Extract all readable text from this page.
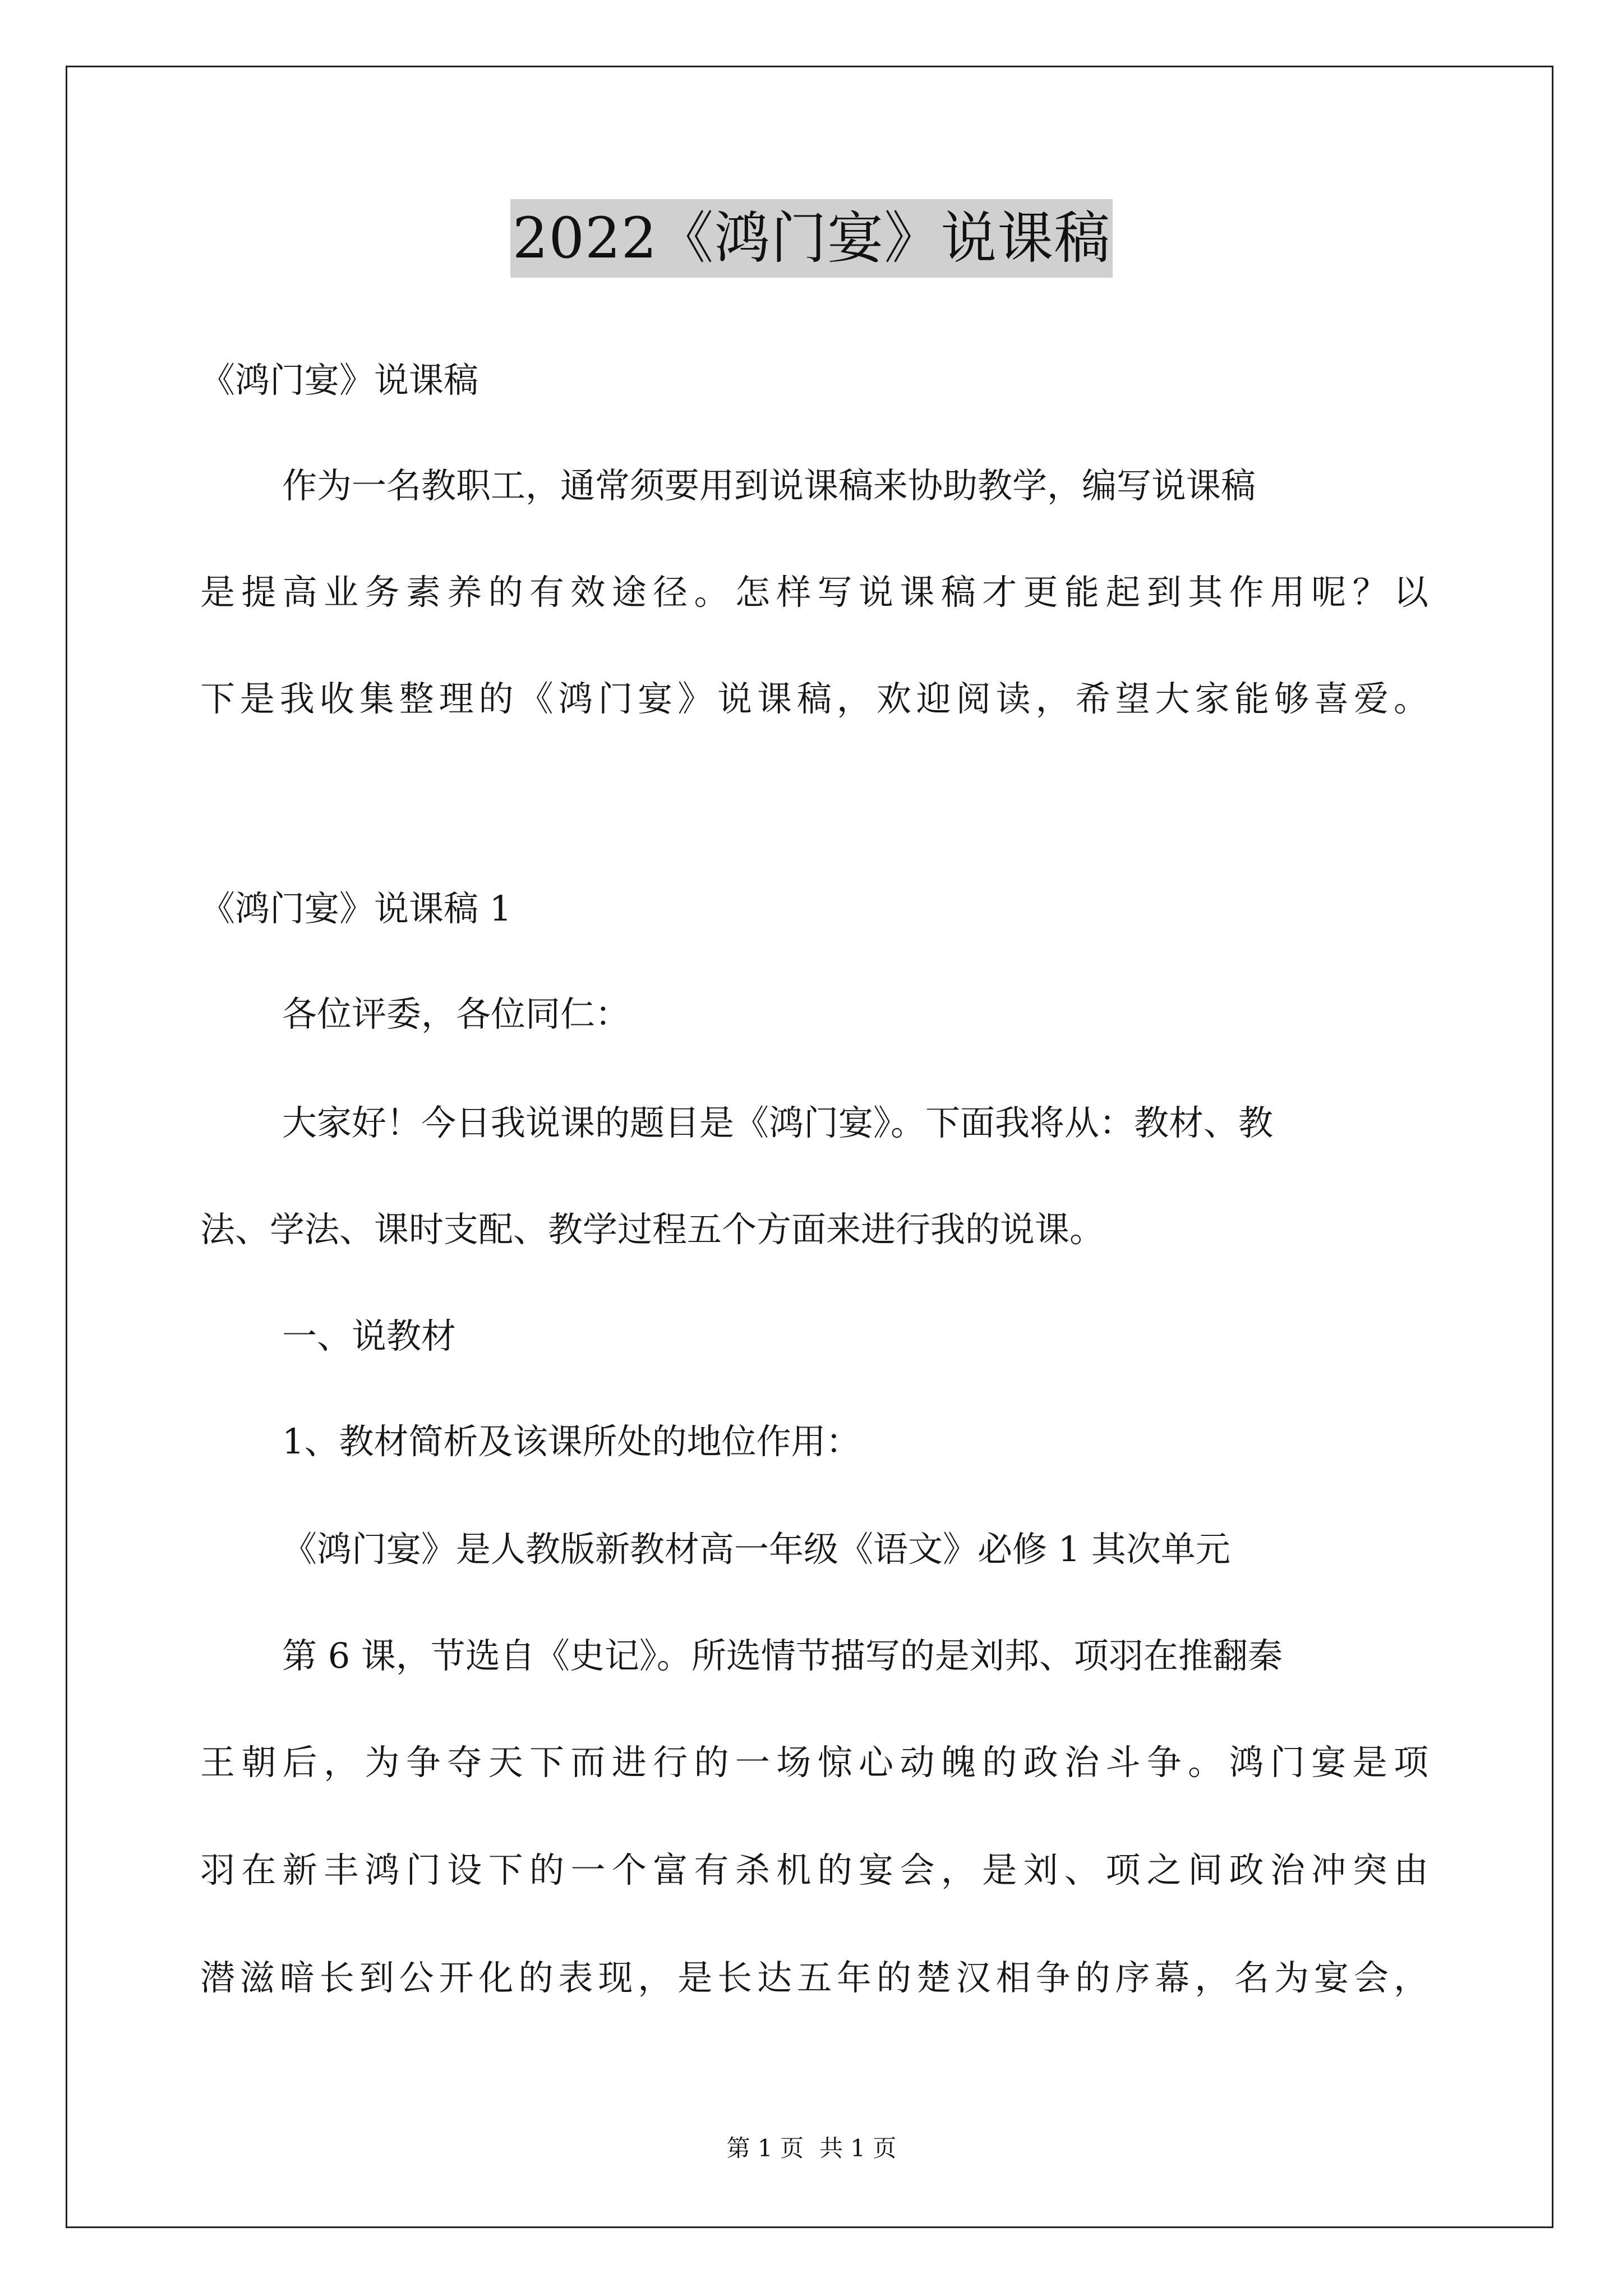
2022《鸿门宴》说课稿
《鸿门宴》说课稿
作为一名教职工，通常须要用到说课稿来协助教学，编写说课稿
是提高业务素养的有效途径。怎样写说课稿才更能起到其作用呢？以
下是我收集整理的《鸿门宴》说课稿，欢迎阅读，希望大家能够喜爱。
《鸿门宴》说课稿 1
各位评委，各位同仁：
大家好！今日我说课的题目是《鸿门宴》。下面我将从：教材、教
法、学法、课时支配、教学过程五个方面来进行我的说课。
一、说教材
1、教材简析及该课所处的地位作用：
《鸿门宴》是人教版新教材高一年级《语文》必修 1 其次单元
第 6 课，节选自《史记》。所选情节描写的是刘邦、项羽在推翻秦
王朝后，为争夺天下而进行的一场惊心动魄的政治斗争。鸿门宴是项
羽在新丰鸿门设下的一个富有杀机的宴会，是刘、项之间政治冲突由
潜滋暗长到公开化的表现，是长达五年的楚汉相争的序幕，名为宴会，
第 1 页 共 1 页
